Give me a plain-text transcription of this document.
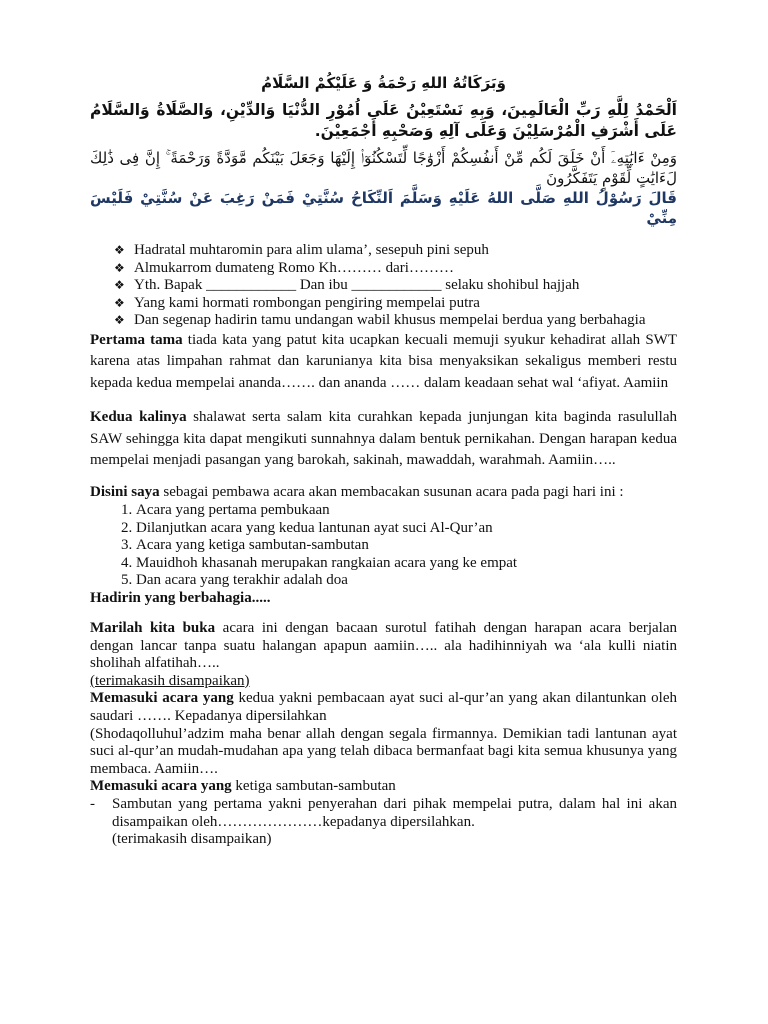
وَبَرَكَاتُهُ اللهِ رَحْمَةُ وَ عَلَيْكُمْ السَّلَامُ
اَلْحَمْدُ لِلَّهِ رَبِّ الْعَالَمِينَ، وَبِهِ نَسْتَعِيْنُ عَلَى اُمُوْرِ الدُّنْيَا وَالدِّيْنِ، وَالصَّلَاةُ وَالسَّلَامُ عَلَى أَشْرَفِ الْمُرْسَلِيْنَ وَعَلَى آلِهِ وَصَحْبِهِ أَجْمَعِيْنَ.
وَمِنْ ءَايَٰتِهِۦٓ أَنْ خَلَقَ لَكُم مِّنْ أَنفُسِكُمْ أَزْوَٰجًا لِّتَسْكُنُوٓا۟ إِلَيْهَا وَجَعَلَ بَيْنَكُم مَّوَدَّةً وَرَحْمَةً ۚ إِنَّ فِى ذَٰلِكَ لَءَايَٰتٍ لِّقَوْمٍ يَتَفَكَّرُونَ
قَالَ رَسُوْلُ اللهِ صَلَّى اللهُ عَلَيْهِ وَسَلَّمَ اَلنِّكَاحُ سُنَّتِيْ فَمَنْ رَغِبَ عَنْ سُنَّتِيْ فَلَيْسَ مِنِّيْ
❖ Hadratal muhtaromin para alim ulama’, sesepuh pini sepuh
❖ Almukarrom dumateng Romo Kh……… dari………
❖ Yth. Bapak ____________ Dan ibu ____________ selaku shohibul hajjah
❖ Yang kami hormati rombongan pengiring mempelai putra
❖ Dan segenap hadirin tamu undangan wabil khusus mempelai berdua yang berbahagia

Pertama tama tiada kata yang patut kita ucapkan kecuali memuji syukur kehadirat allah SWT karena atas limpahan rahmat dan karunianya kita bisa menyaksikan sekaligus memberi restu kepada kedua mempelai ananda……. dan ananda …… dalam keadaan sehat wal ‘afiyat. Aamiin

Kedua kalinya shalawat serta salam kita curahkan kepada junjungan kita baginda rasulullah SAW sehingga kita dapat mengikuti sunnahnya dalam bentuk pernikahan. Dengan harapan kedua mempelai menjadi pasangan yang barokah, sakinah, mawaddah, warahmah. Aamiin…..

Disini saya sebagai pembawa acara akan membacakan susunan acara pada pagi hari ini :

1. Acara yang pertama pembukaan
2. Dilanjutkan acara yang kedua lantunan ayat suci Al-Qur’an
3. Acara yang ketiga sambutan-sambutan
4. Mauidhoh khasanah merupakan rangkaian acara yang ke empat
5. Dan acara yang terakhir adalah doa

Hadirin yang berbahagia.....

Marilah kita buka acara ini dengan bacaan surotul fatihah dengan harapan acara berjalan dengan lancar tanpa suatu halangan apapun aamiin….. ala hadihinniyah wa ‘ala kulli niatin sholihah alfatihah…..

(terimakasih disampaikan)

Memasuki acara yang kedua yakni pembacaan ayat suci al-qur’an yang akan dilantunkan oleh saudari ……. Kepadanya dipersilahkan

(Shodaqolluhul’adzim maha benar allah dengan segala firmannya. Demikian tadi lantunan ayat suci al-qur’an mudah-mudahan apa yang telah dibaca bermanfaat bagi kita semua khusunya yang membaca. Aamiin….

Memasuki acara yang ketiga sambutan-sambutan

- Sambutan yang pertama yakni penyerahan dari pihak mempelai putra, dalam hal ini akan disampaikan oleh…………………kepadanya dipersilahkan.
(terimakasih disampaikan)
